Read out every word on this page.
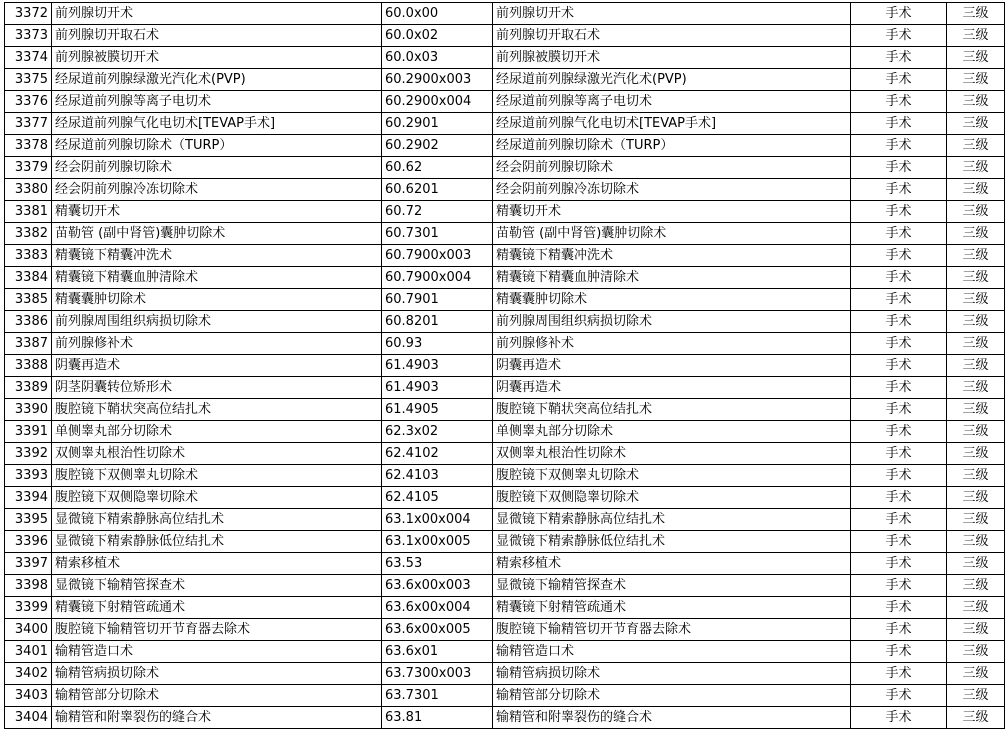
3372	前列腺切开术	60.0x00	前列腺切开术	手术	三级
3373	前列腺切开取石术	60.0x02	前列腺切开取石术	手术	三级
3374	前列腺被膜切开术	60.0x03	前列腺被膜切开术	手术	三级
3375	经尿道前列腺绿激光汽化术(PVP)	60.2900x003	经尿道前列腺绿激光汽化术(PVP)	手术	三级
3376	经尿道前列腺等离子电切术	60.2900x004	经尿道前列腺等离子电切术	手术	三级
3377	经尿道前列腺气化电切术[TEVAP手术]	60.2901	经尿道前列腺气化电切术[TEVAP手术]	手术	三级
3378	经尿道前列腺切除术（TURP）	60.2902	经尿道前列腺切除术（TURP）	手术	三级
3379	经会阴前列腺切除术	60.62	经会阴前列腺切除术	手术	三级
3380	经会阴前列腺冷冻切除术	60.6201	经会阴前列腺冷冻切除术	手术	三级
3381	精囊切开术	60.72	精囊切开术	手术	三级
3382	苗勒管 (副中肾管)囊肿切除术	60.7301	苗勒管 (副中肾管)囊肿切除术	手术	三级
3383	精囊镜下精囊冲洗术	60.7900x003	精囊镜下精囊冲洗术	手术	三级
3384	精囊镜下精囊血肿清除术	60.7900x004	精囊镜下精囊血肿清除术	手术	三级
3385	精囊囊肿切除术	60.7901	精囊囊肿切除术	手术	三级
3386	前列腺周围组织病损切除术	60.8201	前列腺周围组织病损切除术	手术	三级
3387	前列腺修补术	60.93	前列腺修补术	手术	三级
3388	阴囊再造术	61.4903	阴囊再造术	手术	三级
3389	阴茎阴囊转位矫形术	61.4903	阴囊再造术	手术	三级
3390	腹腔镜下鞘状突高位结扎术	61.4905	腹腔镜下鞘状突高位结扎术	手术	三级
3391	单侧睾丸部分切除术	62.3x02	单侧睾丸部分切除术	手术	三级
3392	双侧睾丸根治性切除术	62.4102	双侧睾丸根治性切除术	手术	三级
3393	腹腔镜下双侧睾丸切除术	62.4103	腹腔镜下双侧睾丸切除术	手术	三级
3394	腹腔镜下双侧隐睾切除术	62.4105	腹腔镜下双侧隐睾切除术	手术	三级
3395	显微镜下精索静脉高位结扎术	63.1x00x004	显微镜下精索静脉高位结扎术	手术	三级
3396	显微镜下精索静脉低位结扎术	63.1x00x005	显微镜下精索静脉低位结扎术	手术	三级
3397	精索移植术	63.53	精索移植术	手术	三级
3398	显微镜下输精管探查术	63.6x00x003	显微镜下输精管探查术	手术	三级
3399	精囊镜下射精管疏通术	63.6x00x004	精囊镜下射精管疏通术	手术	三级
3400	腹腔镜下输精管切开节育器去除术	63.6x00x005	腹腔镜下输精管切开节育器去除术	手术	三级
3401	输精管造口术	63.6x01	输精管造口术	手术	三级
3402	输精管病损切除术	63.7300x003	输精管病损切除术	手术	三级
3403	输精管部分切除术	63.7301	输精管部分切除术	手术	三级
3404	输精管和附睾裂伤的缝合术	63.81	输精管和附睾裂伤的缝合术	手术	三级
